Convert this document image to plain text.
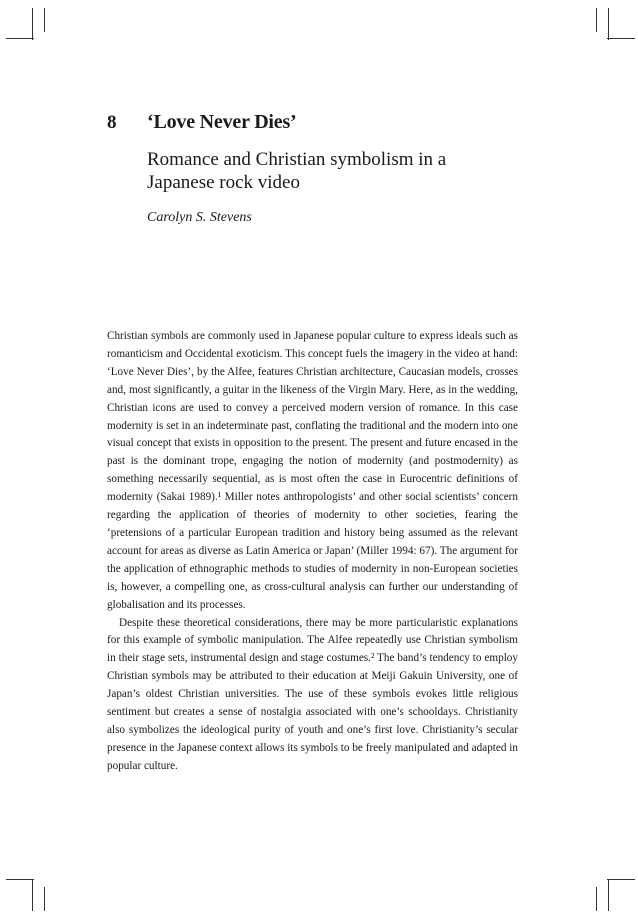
8 ‘Love Never Dies’
Romance and Christian symbolism in a Japanese rock video
Carolyn S. Stevens

Christian symbols are commonly used in Japanese popular culture to express ideals such as romanticism and Occidental exoticism. This concept fuels the imagery in the video at hand: ‘Love Never Dies’, by the Alfee, features Christian architecture, Caucasian models, crosses and, most significantly, a guitar in the likeness of the Virgin Mary. Here, as in the wedding, Christian icons are used to convey a perceived modern version of romance. In this case modernity is set in an indeterminate past, conflating the traditional and the modern into one visual concept that exists in opposition to the present. The present and future encased in the past is the dominant trope, engaging the notion of modernity (and postmodernity) as something necessarily sequential, as is most often the case in Eurocentric definitions of modernity (Sakai 1989).¹ Miller notes anthropologists’ and other social scientists’ concern regarding the application of theories of modernity to other societies, fearing the ‘pretensions of a particular European tradition and history being assumed as the relevant account for areas as diverse as Latin America or Japan’ (Miller 1994: 67). The argument for the application of ethnographic methods to studies of modernity in non-European societies is, however, a compelling one, as cross-cultural analysis can further our understanding of globalisation and its processes.

Despite these theoretical considerations, there may be more particularistic explanations for this example of symbolic manipulation. The Alfee repeatedly use Christian symbolism in their stage sets, instrumental design and stage costumes.² The band’s tendency to employ Christian symbols may be attributed to their education at Meiji Gakuin University, one of Japan’s oldest Christian universities. The use of these symbols evokes little religious sentiment but creates a sense of nostalgia associated with one’s schooldays. Christianity also symbolizes the ideological purity of youth and one’s first love. Christianity’s secular presence in the Japanese context allows its symbols to be freely manipulated and adapted in popular culture.
